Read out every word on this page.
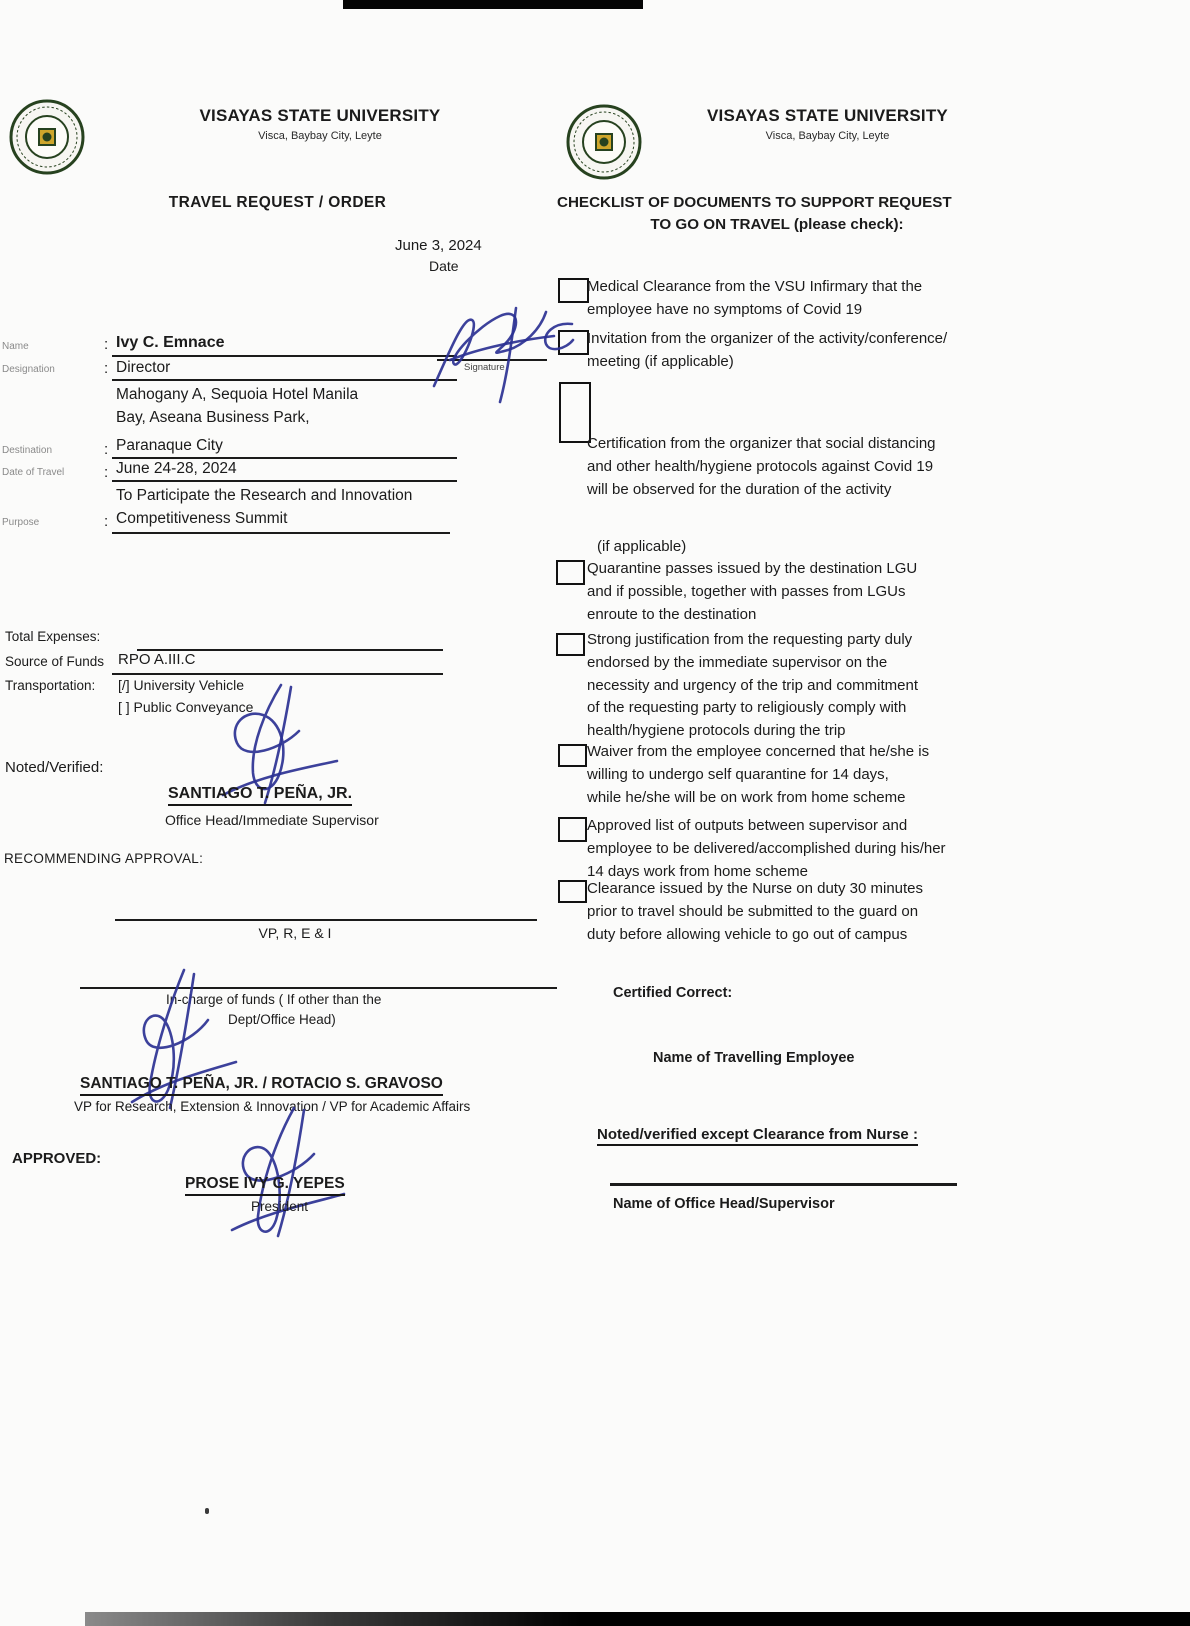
VISAYAS STATE UNIVERSITY
Visca, Baybay City, Leyte
TRAVEL REQUEST / ORDER
June 3, 2024
Date
Name
Designation
Destination
Date of Travel
Purpose
:
:
:
:
:
Ivy C. Emnace
Director
Mahogany A, Sequoia Hotel Manila
Bay, Aseana Business Park,
Paranaque City
June 24-28, 2024
To Participate the Research and Innovation
Competitiveness Summit
Signature
Total Expenses:
Source of Funds RPO A.III.C
Transportation: [/] University Vehicle
[ ] Public Conveyance
Noted/Verified:
SANTIAGO T. PEÑA, JR.
Office Head/Immediate Supervisor
RECOMMENDING APPROVAL:
VP, R, E & I
In-charge of funds ( If other than the
Dept/Office Head)
SANTIAGO T. PEÑA, JR. / ROTACIO S. GRAVOSO
VP for Research, Extension & Innovation / VP for Academic Affairs
APPROVED:
PROSE IVY G. YEPES
President
VISAYAS STATE UNIVERSITY
Visca, Baybay City, Leyte
CHECKLIST OF DOCUMENTS TO SUPPORT REQUEST
TO GO ON TRAVEL (please check):
Medical Clearance from the VSU Infirmary that the
employee have no symptoms of Covid 19
Invitation from the organizer of the activity/conference/
meeting (if applicable)
Certification from the organizer that social distancing
and other health/hygiene protocols against Covid 19
will be observed for the duration of the activity
(if applicable)
Quarantine passes issued by the destination LGU
and if possible, together with passes from LGUs
enroute to the destination
Strong justification from the requesting party duly
endorsed by the immediate supervisor on the
necessity and urgency of the trip and commitment
of the requesting party to religiously comply with
health/hygiene protocols during the trip
Waiver from the employee concerned that he/she is
willing to undergo self quarantine for 14 days,
while he/she will be on work from home scheme
Approved list of outputs between supervisor and
employee to be delivered/accomplished during his/her
14 days work from home scheme
Clearance issued by the Nurse on duty 30 minutes
prior to travel should be submitted to the guard on
duty before allowing vehicle to go out of campus
Certified Correct:
Name of Travelling Employee
Noted/verified except Clearance from Nurse :
Name of Office Head/Supervisor
